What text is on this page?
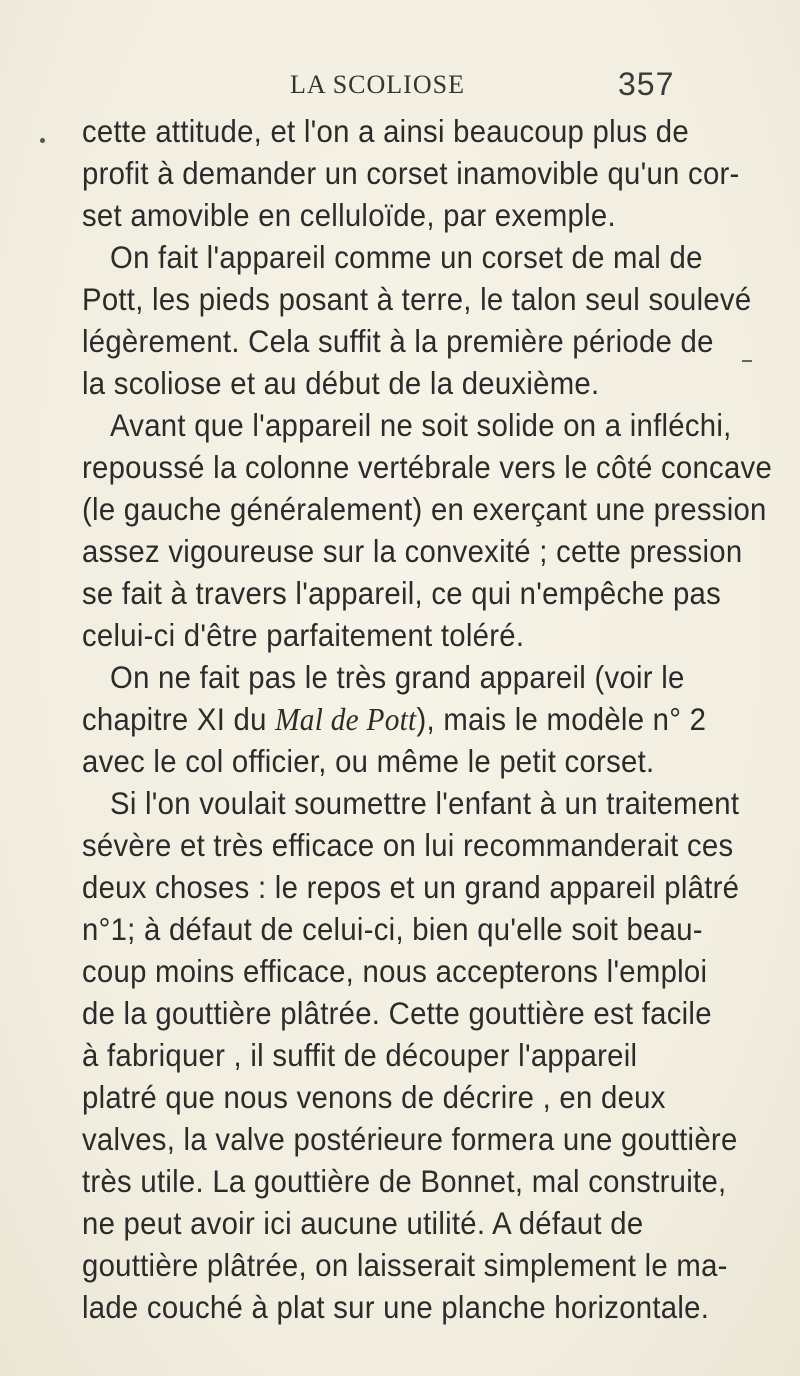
LA SCOLIOSE	357
cette attitude, et l'on a ainsi beaucoup plus de
profit à demander un corset inamovible qu'un cor-
set amovible en celluloïde, par exemple.
On fait l'appareil comme un corset de mal de
Pott, les pieds posant à terre, le talon seul soulevé
légèrement. Cela suffit à la première période de
la scoliose et au début de la deuxième.
Avant que l'appareil ne soit solide on a infléchi,
repoussé la colonne vertébrale vers le côté concave
(le gauche généralement) en exerçant une pression
assez vigoureuse sur la convexité ; cette pression
se fait à travers l'appareil, ce qui n'empêche pas
celui-ci d'être parfaitement toléré.
On ne fait pas le très grand appareil (voir le
chapitre XI du Mal de Pott), mais le modèle n° 2
avec le col officier, ou même le petit corset.
Si l'on voulait soumettre l'enfant à un traitement
sévère et très efficace on lui recommanderait ces
deux choses : le repos et un grand appareil plâtré
n°1; à défaut de celui-ci, bien qu'elle soit beau-
coup moins efficace, nous accepterons l'emploi
de la gouttière plâtrée. Cette gouttière est facile
à fabriquer , il suffit de découper l'appareil
platré que nous venons de décrire , en deux
valves, la valve postérieure formera une gouttière
très utile. La gouttière de Bonnet, mal construite,
ne peut avoir ici aucune utilité. A défaut de
gouttière plâtrée, on laisserait simplement le ma-
lade couché à plat sur une planche horizontale.
